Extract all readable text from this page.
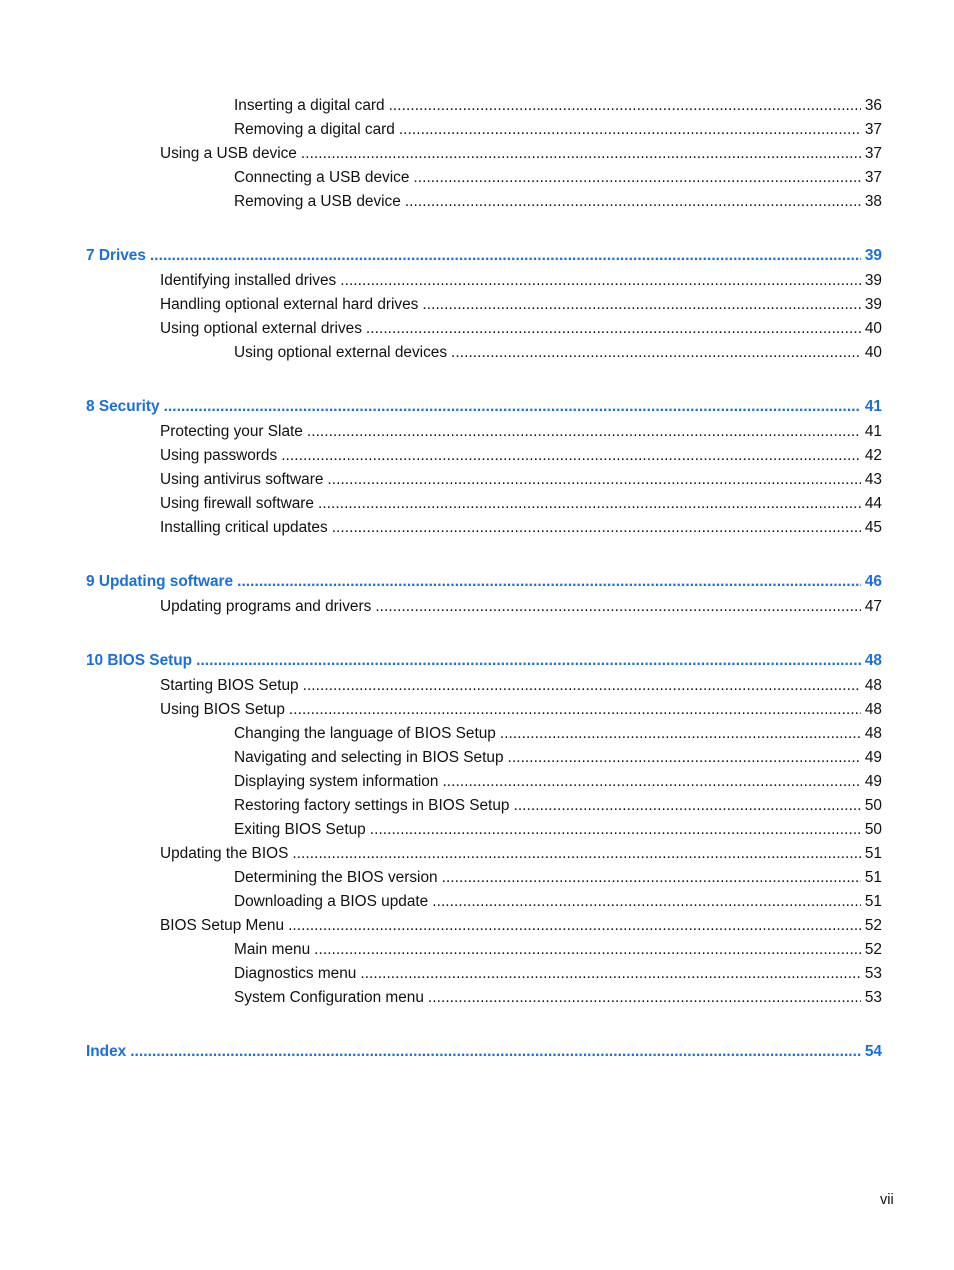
Inserting a digital card . . .	36
Removing a digital card . . .	37
Using a USB device . . .	37
Connecting a USB device . . .	37
Removing a USB device . . .	38
7 Drives . . .	39
Identifying installed drives . . .	39
Handling optional external hard drives . . .	39
Using optional external drives . . .	40
Using optional external devices . . .	40
8 Security . . .	41
Protecting your Slate . . .	41
Using passwords . . .	42
Using antivirus software . . .	43
Using firewall software . . .	44
Installing critical updates . . .	45
9 Updating software . . .	46
Updating programs and drivers . . .	47
10 BIOS Setup . . .	48
Starting BIOS Setup . . .	48
Using BIOS Setup . . .	48
Changing the language of BIOS Setup . . .	48
Navigating and selecting in BIOS Setup . . .	49
Displaying system information . . .	49
Restoring factory settings in BIOS Setup . . .	50
Exiting BIOS Setup . . .	50
Updating the BIOS . . .	51
Determining the BIOS version . . .	51
Downloading a BIOS update . . .	51
BIOS Setup Menu . . .	52
Main menu . . .	52
Diagnostics menu . . .	53
System Configuration menu . . .	53
Index . . .	54
vii
